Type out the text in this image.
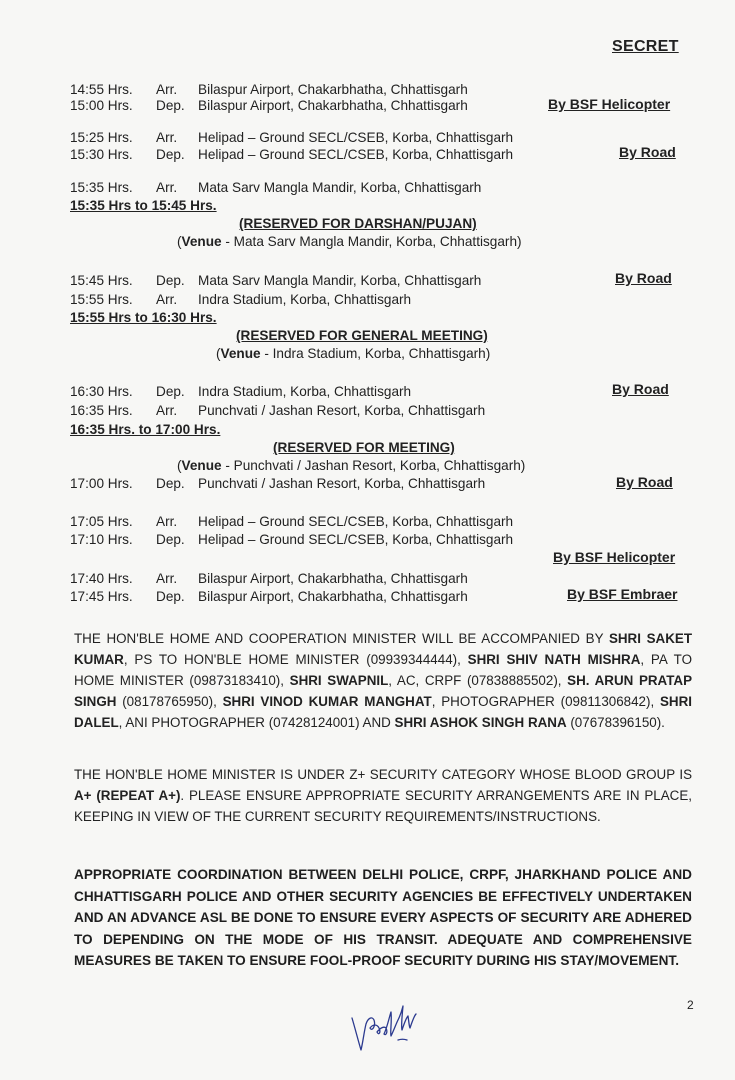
SECRET
14:55 Hrs. Arr. Bilaspur Airport, Chakarbhatha, Chhattisgarh
15:00 Hrs. Dep. Bilaspur Airport, Chakarbhatha, Chhattisgarh	By BSF Helicopter
15:25 Hrs. Arr. Helipad – Ground SECL/CSEB, Korba, Chhattisgarh
15:30 Hrs. Dep. Helipad – Ground SECL/CSEB, Korba, Chhattisgarh	By Road
15:35 Hrs. Arr. Mata Sarv Mangla Mandir, Korba, Chhattisgarh
15:35 Hrs to 15:45 Hrs.
(RESERVED FOR DARSHAN/PUJAN)
(Venue - Mata Sarv Mangla Mandir, Korba, Chhattisgarh)
15:45 Hrs. Dep. Mata Sarv Mangla Mandir, Korba, Chhattisgarh	By Road
15:55 Hrs. Arr. Indra Stadium, Korba, Chhattisgarh
15:55 Hrs to 16:30 Hrs.
(RESERVED FOR GENERAL MEETING)
(Venue - Indra Stadium, Korba, Chhattisgarh)
16:30 Hrs. Dep. Indra Stadium, Korba, Chhattisgarh	By Road
16:35 Hrs. Arr. Punchvati / Jashan Resort, Korba, Chhattisgarh
16:35 Hrs. to 17:00 Hrs.
(RESERVED FOR MEETING)
(Venue - Punchvati / Jashan Resort, Korba, Chhattisgarh)
17:00 Hrs. Dep. Punchvati / Jashan Resort, Korba, Chhattisgarh	By Road
17:05 Hrs. Arr. Helipad – Ground SECL/CSEB, Korba, Chhattisgarh
17:10 Hrs. Dep. Helipad – Ground SECL/CSEB, Korba, Chhattisgarh
By BSF Helicopter
17:40 Hrs. Arr. Bilaspur Airport, Chakarbhatha, Chhattisgarh
17:45 Hrs. Dep. Bilaspur Airport, Chakarbhatha, Chhattisgarh	By BSF Embraer
THE HON'BLE HOME AND COOPERATION MINISTER WILL BE ACCOMPANIED BY SHRI SAKET KUMAR, PS TO HON'BLE HOME MINISTER (09939344444), SHRI SHIV NATH MISHRA, PA TO HOME MINISTER (09873183410), SHRI SWAPNIL, AC, CRPF (07838885502), SH. ARUN PRATAP SINGH (08178765950), SHRI VINOD KUMAR MANGHAT, PHOTOGRAPHER (09811306842), SHRI DALEL, ANI PHOTOGRAPHER (07428124001) AND SHRI ASHOK SINGH RANA (07678396150).
THE HON'BLE HOME MINISTER IS UNDER Z+ SECURITY CATEGORY WHOSE BLOOD GROUP IS A+ (REPEAT A+). PLEASE ENSURE APPROPRIATE SECURITY ARRANGEMENTS ARE IN PLACE, KEEPING IN VIEW OF THE CURRENT SECURITY REQUIREMENTS/INSTRUCTIONS.
APPROPRIATE COORDINATION BETWEEN DELHI POLICE, CRPF, JHARKHAND POLICE AND CHHATTISGARH POLICE AND OTHER SECURITY AGENCIES BE EFFECTIVELY UNDERTAKEN AND AN ADVANCE ASL BE DONE TO ENSURE EVERY ASPECTS OF SECURITY ARE ADHERED TO DEPENDING ON THE MODE OF HIS TRANSIT. ADEQUATE AND COMPREHENSIVE MEASURES BE TAKEN TO ENSURE FOOL-PROOF SECURITY DURING HIS STAY/MOVEMENT.
2
